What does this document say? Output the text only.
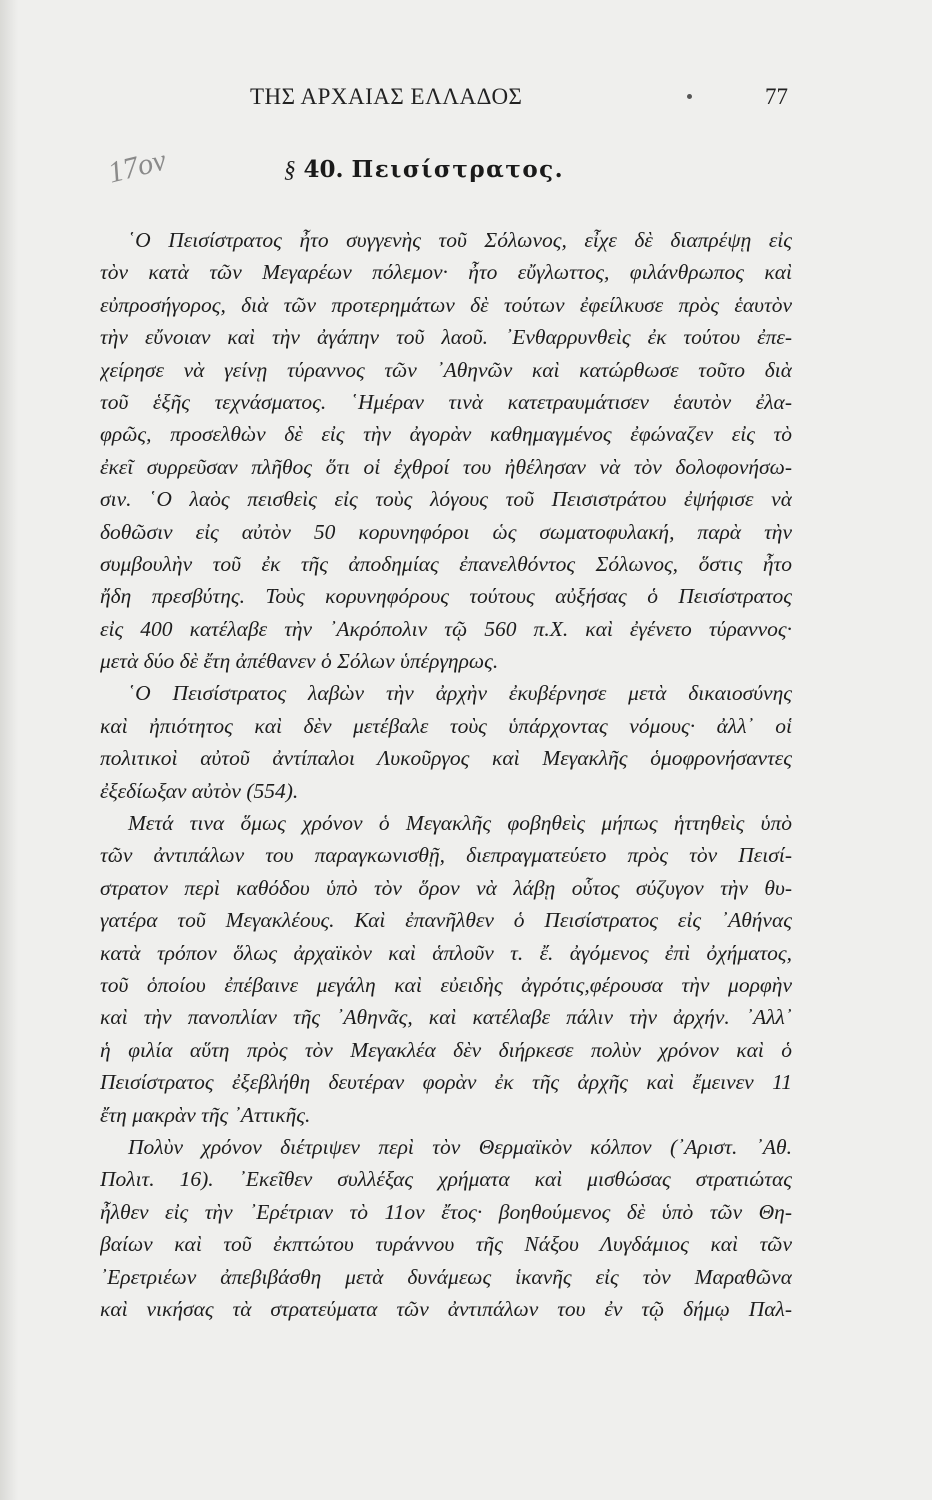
ΤΗΣ ΑΡΧΑΙΑΣ ΕΛΛΑΔΟΣ	77
17ον	§ 40. Πεισίστρατος.
῾Ο Πεισίστρατος ἦτο συγγενὴς τοῦ Σόλωνος, εἶχε δὲ διαπρέψῃ εἰς
τὸν κατὰ τῶν Μεγαρέων πόλεμον· ἦτο εὔγλωττος, φιλάνθρωπος καὶ
εὐπροσήγορος, διὰ τῶν προτερημάτων δὲ τούτων ἐφείλκυσε πρὸς ἑαυτὸν
τὴν εὔνοιαν καὶ τὴν ἀγάπην τοῦ λαοῦ. ᾿Ενθαρρυνθεὶς ἐκ τούτου ἐπε-
χείρησε νὰ γείνῃ τύραννος τῶν ᾿Αθηνῶν καὶ κατώρθωσε τοῦτο διὰ
τοῦ ἑξῆς τεχνάσματος. ῾Ημέραν τινὰ κατετραυμάτισεν ἑαυτὸν ἐλα-
φρῶς, προσελθὼν δὲ εἰς τὴν ἀγορὰν καθημαγμένος ἐφώναζεν εἰς τὸ
ἐκεῖ συρρεῦσαν πλῆθος ὅτι οἱ ἐχθροί του ἠθέλησαν νὰ τὸν δολοφονήσω-
σιν. ῾Ο λαὸς πεισθεὶς εἰς τοὺς λόγους τοῦ Πεισιστράτου ἐψήφισε νὰ
δοθῶσιν εἰς αὐτὸν 50 κορυνηφόροι ὡς σωματοφυλακή, παρὰ τὴν
συμβουλὴν τοῦ ἐκ τῆς ἀποδημίας ἐπανελθόντος Σόλωνος, ὅστις ἦτο
ἤδη πρεσβύτης. Τοὺς κορυνηφόρους τούτους αὐξήσας ὁ Πεισίστρατος
εἰς 400 κατέλαβε τὴν ᾿Ακρόπολιν τῷ 560 π.Χ. καὶ ἐγένετο τύραννος·
μετὰ δύο δὲ ἔτη ἀπέθανεν ὁ Σόλων ὑπέργηρως.
῾Ο Πεισίστρατος λαβὼν τὴν ἀρχὴν ἐκυβέρνησε μετὰ δικαιοσύνης
καὶ ἠπιότητος καὶ δὲν μετέβαλε τοὺς ὑπάρχοντας νόμους· ἀλλ᾿ οἱ
πολιτικοὶ αὐτοῦ ἀντίπαλοι Λυκοῦργος καὶ Μεγακλῆς ὁμοφρονήσαντες
ἐξεδίωξαν αὐτὸν (554).
Μετά τινα ὅμως χρόνον ὁ Μεγακλῆς φοβηθεὶς μήπως ἡττηθεὶς ὑπὸ
τῶν ἀντιπάλων του παραγκωνισθῇ, διεπραγματεύετο πρὸς τὸν Πεισί-
στρατον περὶ καθόδου ὑπὸ τὸν ὅρον νὰ λάβῃ οὗτος σύζυγον τὴν θυ-
γατέρα τοῦ Μεγακλέους. Καὶ ἐπανῆλθεν ὁ Πεισίστρατος εἰς ᾿Αθήνας
κατὰ τρόπον ὅλως ἀρχαϊκὸν καὶ ἁπλοῦν τ. ἔ. ἀγόμενος ἐπὶ ὀχήματος,
τοῦ ὁποίου ἐπέβαινε μεγάλη καὶ εὐειδὴς ἀγρότις,φέρουσα τὴν μορφὴν
καὶ τὴν πανοπλίαν τῆς ᾿Αθηνᾶς, καὶ κατέλαβε πάλιν τὴν ἀρχήν. ᾿Αλλ᾿
ἡ φιλία αὕτη πρὸς τὸν Μεγακλέα δὲν διήρκεσε πολὺν χρόνον καὶ ὁ
Πεισίστρατος ἐξεβλήθη δευτέραν φορὰν ἐκ τῆς ἀρχῆς καὶ ἔμεινεν 11
ἔτη μακρὰν τῆς ᾿Αττικῆς.
Πολὺν χρόνον διέτριψεν περὶ τὸν Θερμαϊκὸν κόλπον (᾿Αριστ. ᾿Αθ.
Πολιτ. 16). ᾿Εκεῖθεν συλλέξας χρήματα καὶ μισθώσας στρατιώτας
ἦλθεν εἰς τὴν ᾿Ερέτριαν τὸ 11ον ἔτος· βοηθούμενος δὲ ὑπὸ τῶν Θη-
βαίων καὶ τοῦ ἐκπτώτου τυράννου τῆς Νάξου Λυγδάμιος καὶ τῶν
᾿Ερετριέων ἀπεβιβάσθη μετὰ δυνάμεως ἱκανῆς εἰς τὸν Μαραθῶνα
καὶ νικήσας τὰ στρατεύματα τῶν ἀντιπάλων του ἐν τῷ δήμῳ Παλ-
